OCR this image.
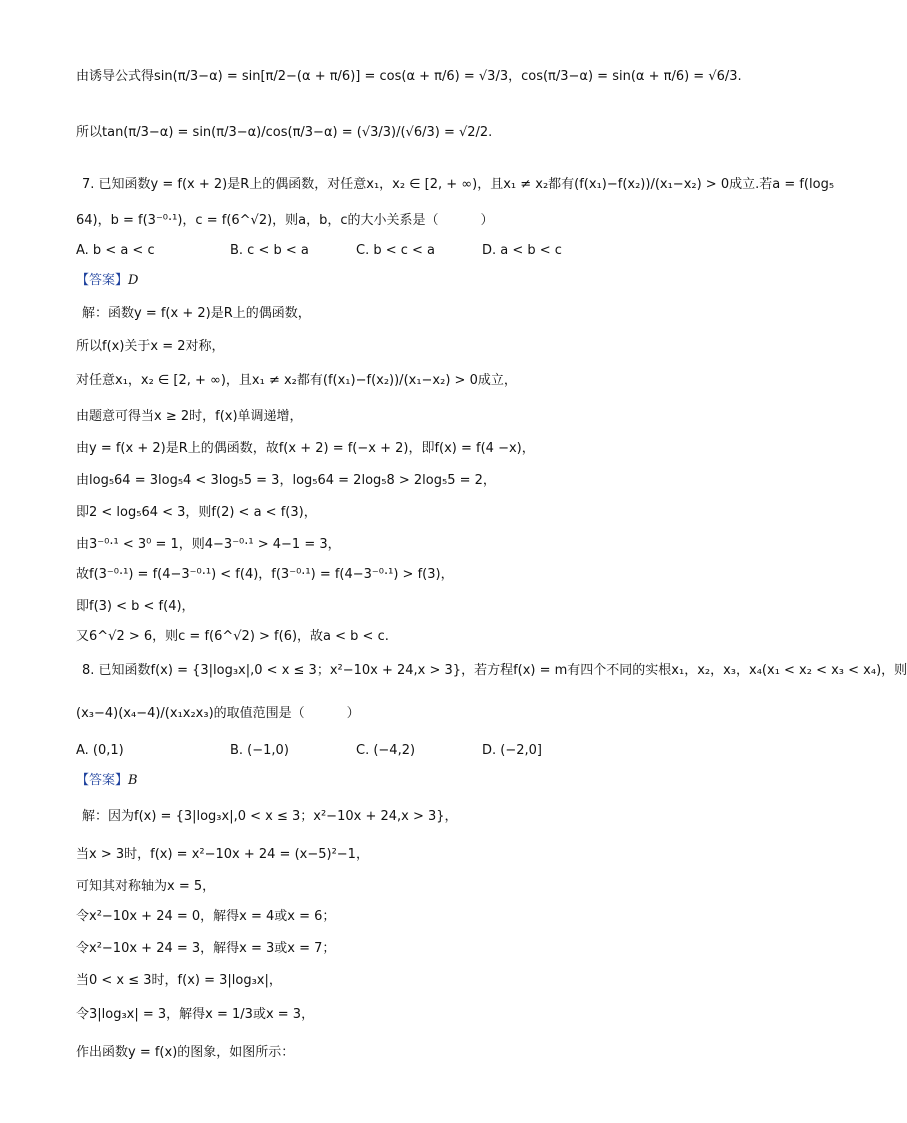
由诱导公式得sin(π/3−α) = sin[π/2−(α + π/6)] = cos(α + π/6) = √3/3，cos(π/3−α) = sin(α + π/6) = √6/3.
所以tan(π/3−α) = sin(π/3−α)/cos(π/3−α) = (√3/3)/(√6/3) = √2/2.
7. 已知函数y = f(x + 2)是R上的偶函数，对任意x₁，x₂ ∈ [2, + ∞)，且x₁ ≠ x₂都有(f(x₁)−f(x₂))/(x₁−x₂) > 0成立.若a = f(log₅
64)，b = f(3⁻⁰·¹)，c = f(6^√2)，则a，b，c的大小关系是（	）
A. b < a < c	B. c < b < a	C. b < c < a	D. a < b < c
【答案】D
解：函数y = f(x + 2)是R上的偶函数，
所以f(x)关于x = 2对称，
对任意x₁，x₂ ∈ [2, + ∞)，且x₁ ≠ x₂都有(f(x₁)−f(x₂))/(x₁−x₂) > 0成立，
由题意可得当x ≥ 2时，f(x)单调递增，
由y = f(x + 2)是R上的偶函数，故f(x + 2) = f(−x + 2)，即f(x) = f(4 −x)，
由log₅64 = 3log₅4 < 3log₅5 = 3，log₅64 = 2log₅8 > 2log₅5 = 2，
即2 < log₅64 < 3，则f(2) < a < f(3)，
由3⁻⁰·¹ < 3⁰ = 1，则4−3⁻⁰·¹ > 4−1 = 3，
故f(3⁻⁰·¹) = f(4−3⁻⁰·¹) < f(4)，f(3⁻⁰·¹) = f(4−3⁻⁰·¹) > f(3)，
即f(3) < b < f(4)，
又6^√2 > 6，则c = f(6^√2) > f(6)，故a < b < c.
8. 已知函数f(x) = {3|log₃x|,0 < x ≤ 3；x²−10x + 24,x > 3}，若方程f(x) = m有四个不同的实根x₁，x₂，x₃，x₄(x₁ < x₂ < x₃ < x₄)，则
(x₃−4)(x₄−4)/(x₁x₂x₃)的取值范围是（	）
A. (0,1)	B. (−1,0)	C. (−4,2)	D. (−2,0]
【答案】B
解：因为f(x) = {3|log₃x|,0 < x ≤ 3；x²−10x + 24,x > 3}，
当x > 3时，f(x) = x²−10x + 24 = (x−5)²−1，
可知其对称轴为x = 5，
令x²−10x + 24 = 0，解得x = 4或x = 6；
令x²−10x + 24 = 3，解得x = 3或x = 7；
当0 < x ≤ 3时，f(x) = 3|log₃x|，
令3|log₃x| = 3，解得x = 1/3或x = 3，
作出函数y = f(x)的图象，如图所示：
